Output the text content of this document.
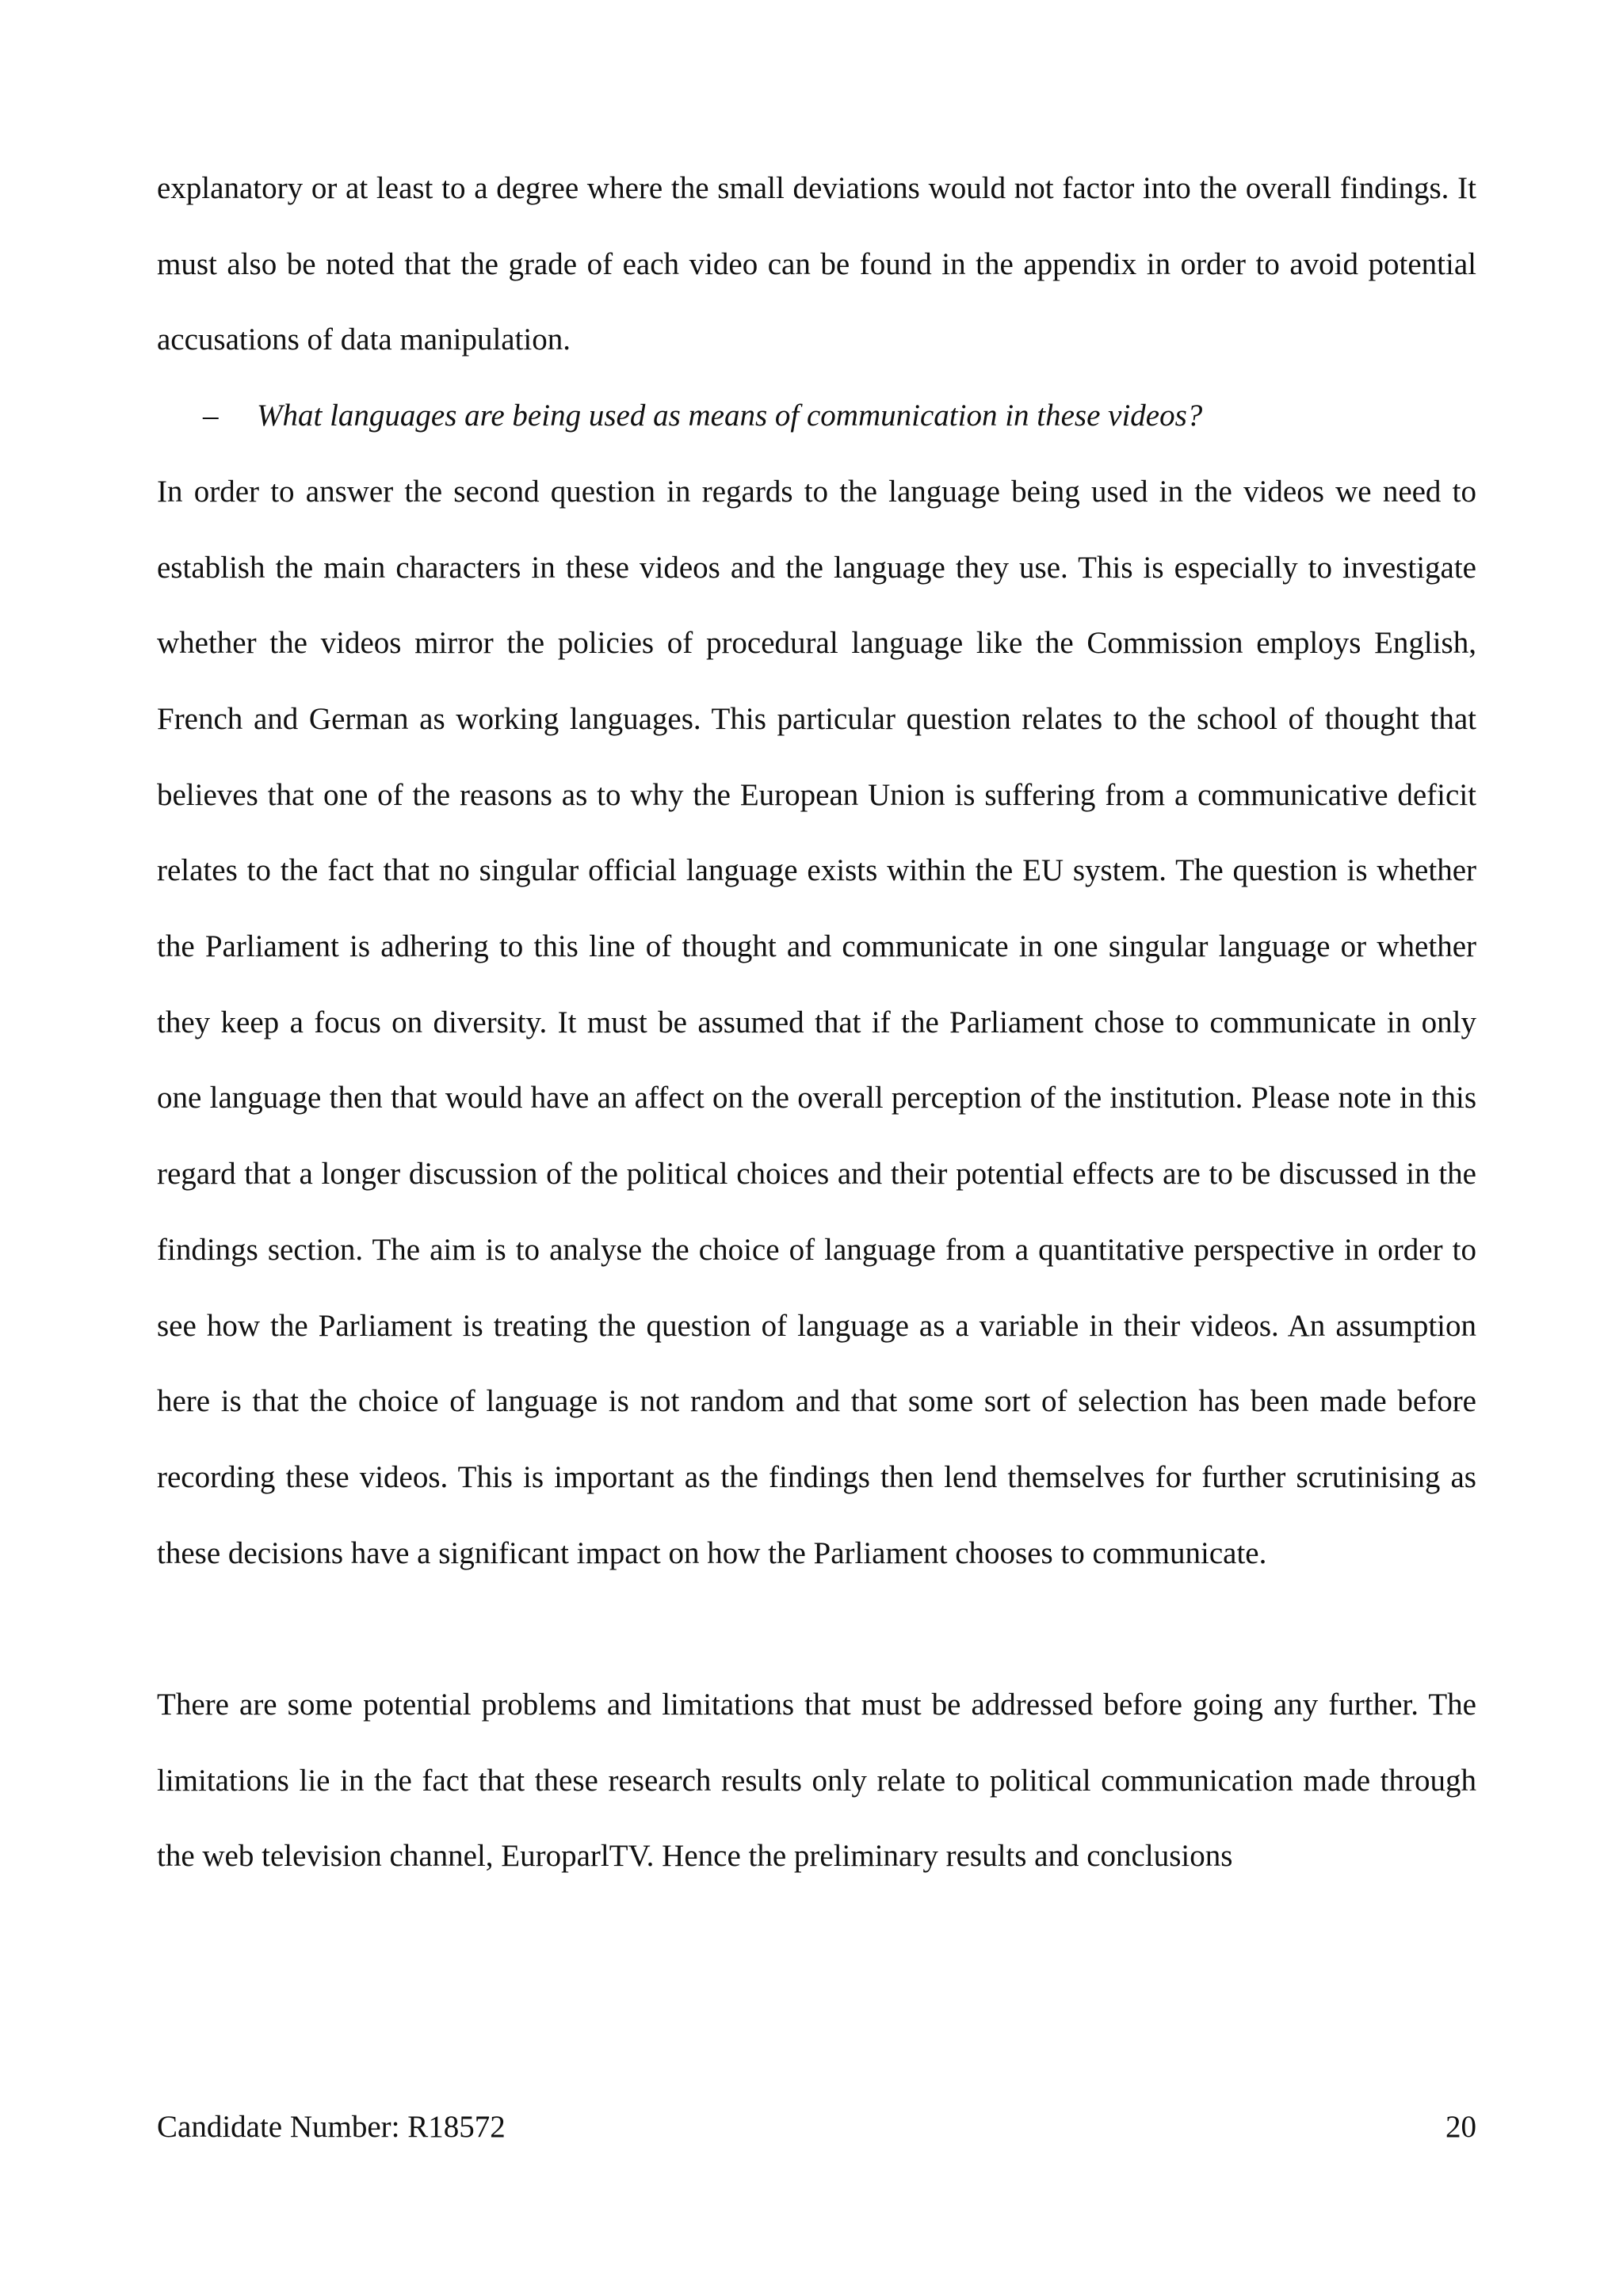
explanatory or at least to a degree where the small deviations would not factor into the overall findings. It must also be noted that the grade of each video can be found in the appendix in order to avoid potential accusations of data manipulation.

– What languages are being used as means of communication in these videos?

In order to answer the second question in regards to the language being used in the videos we need to establish the main characters in these videos and the language they use. This is especially to investigate whether the videos mirror the policies of procedural language like the Commission employs English, French and German as working languages. This particular question relates to the school of thought that believes that one of the reasons as to why the European Union is suffering from a communicative deficit relates to the fact that no singular official language exists within the EU system. The question is whether the Parliament is adhering to this line of thought and communicate in one singular language or whether they keep a focus on diversity. It must be assumed that if the Parliament chose to communicate in only one language then that would have an affect on the overall perception of the institution. Please note in this regard that a longer discussion of the political choices and their potential effects are to be discussed in the findings section. The aim is to analyse the choice of language from a quantitative perspective in order to see how the Parliament is treating the question of language as a variable in their videos. An assumption here is that the choice of language is not random and that some sort of selection has been made before recording these videos. This is important as the findings then lend themselves for further scrutinising as these decisions have a significant impact on how the Parliament chooses to communicate.

There are some potential problems and limitations that must be addressed before going any further. The limitations lie in the fact that these research results only relate to political communication made through the web television channel, EuroparlTV. Hence the preliminary results and conclusions

Candidate Number: R18572	20
